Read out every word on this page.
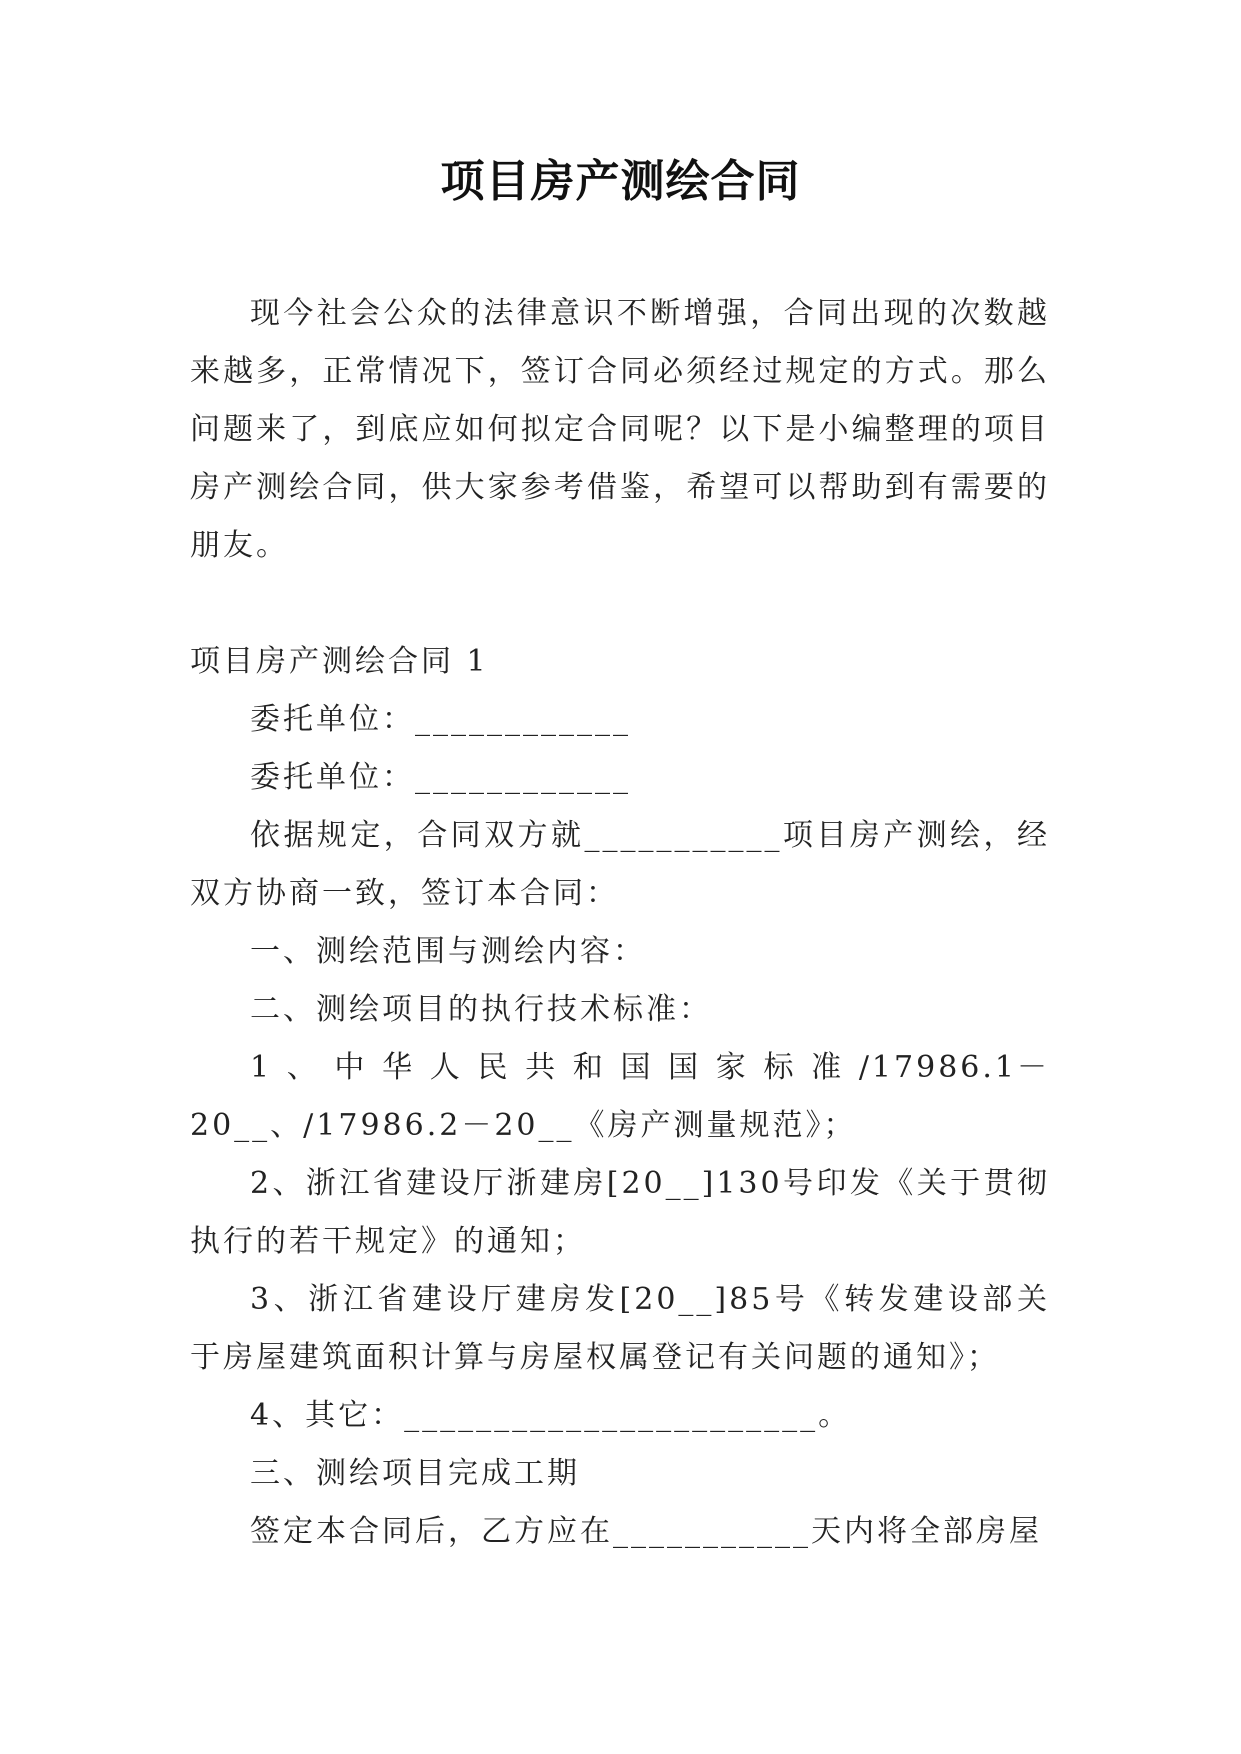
项目房产测绘合同

现今社会公众的法律意识不断增强，合同出现的次数越来越多，正常情况下，签订合同必须经过规定的方式。那么问题来了，到底应如何拟定合同呢？以下是小编整理的项目房产测绘合同，供大家参考借鉴，希望可以帮助到有需要的朋友。

项目房产测绘合同 1

委托单位：____________

委托单位：____________

依据规定，合同双方就___________项目房产测绘，经双方协商一致，签订本合同：

一、测绘范围与测绘内容：

二、测绘项目的执行技术标准：

1、中华人民共和国国家标准/17986.1－20__、/17986.2－20__《房产测量规范》；

2、浙江省建设厅浙建房[20__]130号印发《关于贯彻执行的若干规定》的通知；

3、浙江省建设厅建房发[20__]85号《转发建设部关于房屋建筑面积计算与房屋权属登记有关问题的通知》；

4、其它：_______________________。

三、测绘项目完成工期

签定本合同后，乙方应在___________天内将全部房屋
